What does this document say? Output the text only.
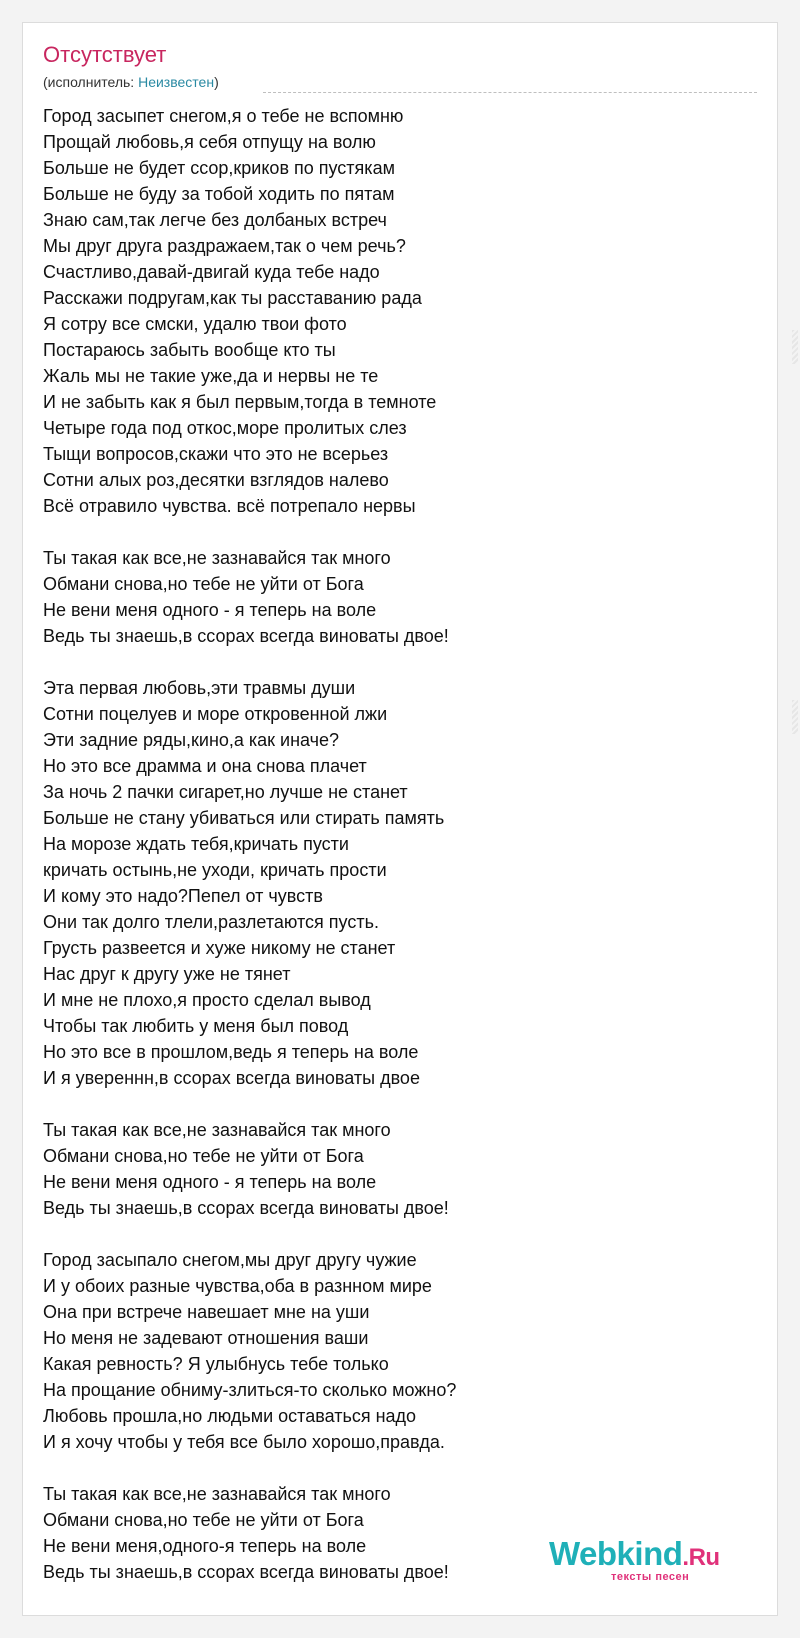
Отсутствует
(исполнитель: Неизвестен)
Город засыпет снегом,я о тебе не вспомню
Прощай любовь,я себя отпущу на волю
Больше не будет ссор,криков по пустякам
Больше не буду за тобой ходить по пятам
Знаю сам,так легче без долбаных встреч
Мы друг друга раздражаем,так о чем речь?
Счастливо,давай-двигай куда тебе надо
Расскажи подругам,как ты расставанию рада
Я сотру все смски, удалю твои фото
Постараюсь забыть вообще кто ты
Жаль мы не такие уже,да и нервы не те
И не забыть как я был первым,тогда в темноте
Четыре года под откос,море пролитых слез
Тыщи вопросов,скажи что это не всерьез
Сотни алых роз,десятки взглядов налево
Всё отравило чувства. всё потрепало нервы
Ты такая как все,не зазнавайся так много
Обмани снова,но тебе не уйти от Бога
Не вени меня одного - я теперь на воле
Ведь ты знаешь,в ссорах всегда виноваты двое!
Эта первая любовь,эти травмы души
Сотни поцелуев и море откровенной лжи
Эти задние ряды,кино,а как иначе?
Но это все драмма и она снова плачет
За ночь 2 пачки сигарет,но лучше не станет
Больше не стану убиваться или стирать память
На морозе ждать тебя,кричать пусти
кричать остынь,не уходи, кричать прости
И кому это надо?Пепел от чувств
Они так долго тлели,разлетаются пусть.
Грусть развеется и хуже никому не станет
Нас друг к другу уже не тянет
И мне не плохо,я просто сделал вывод
Чтобы так любить у меня был повод
Но это все в прошлом,ведь я теперь на воле
И я увереннн,в ссорах всегда виноваты двое
Ты такая как все,не зазнавайся так много
Обмани снова,но тебе не уйти от Бога
Не вени меня одного - я теперь на воле
Ведь ты знаешь,в ссорах всегда виноваты двое!
Город засыпало снегом,мы друг другу чужие
И у обоих разные чувства,оба в разнном мире
Она при встрече навешает мне на уши
Но меня не задевают отношения ваши
Какая ревность? Я улыбнусь тебе только
На прощание обниму-злиться-то сколько можно?
Любовь прошла,но людьми оставаться надо
И я хочу чтобы у тебя все было хорошо,правда.
Ты такая как все,не зазнавайся так много
Обмани снова,но тебе не уйти от Бога
Не вени меня,одного-я теперь на воле
Ведь ты знаешь,в ссорах всегда виноваты двое!	Webkind.Ru
тексты песен
